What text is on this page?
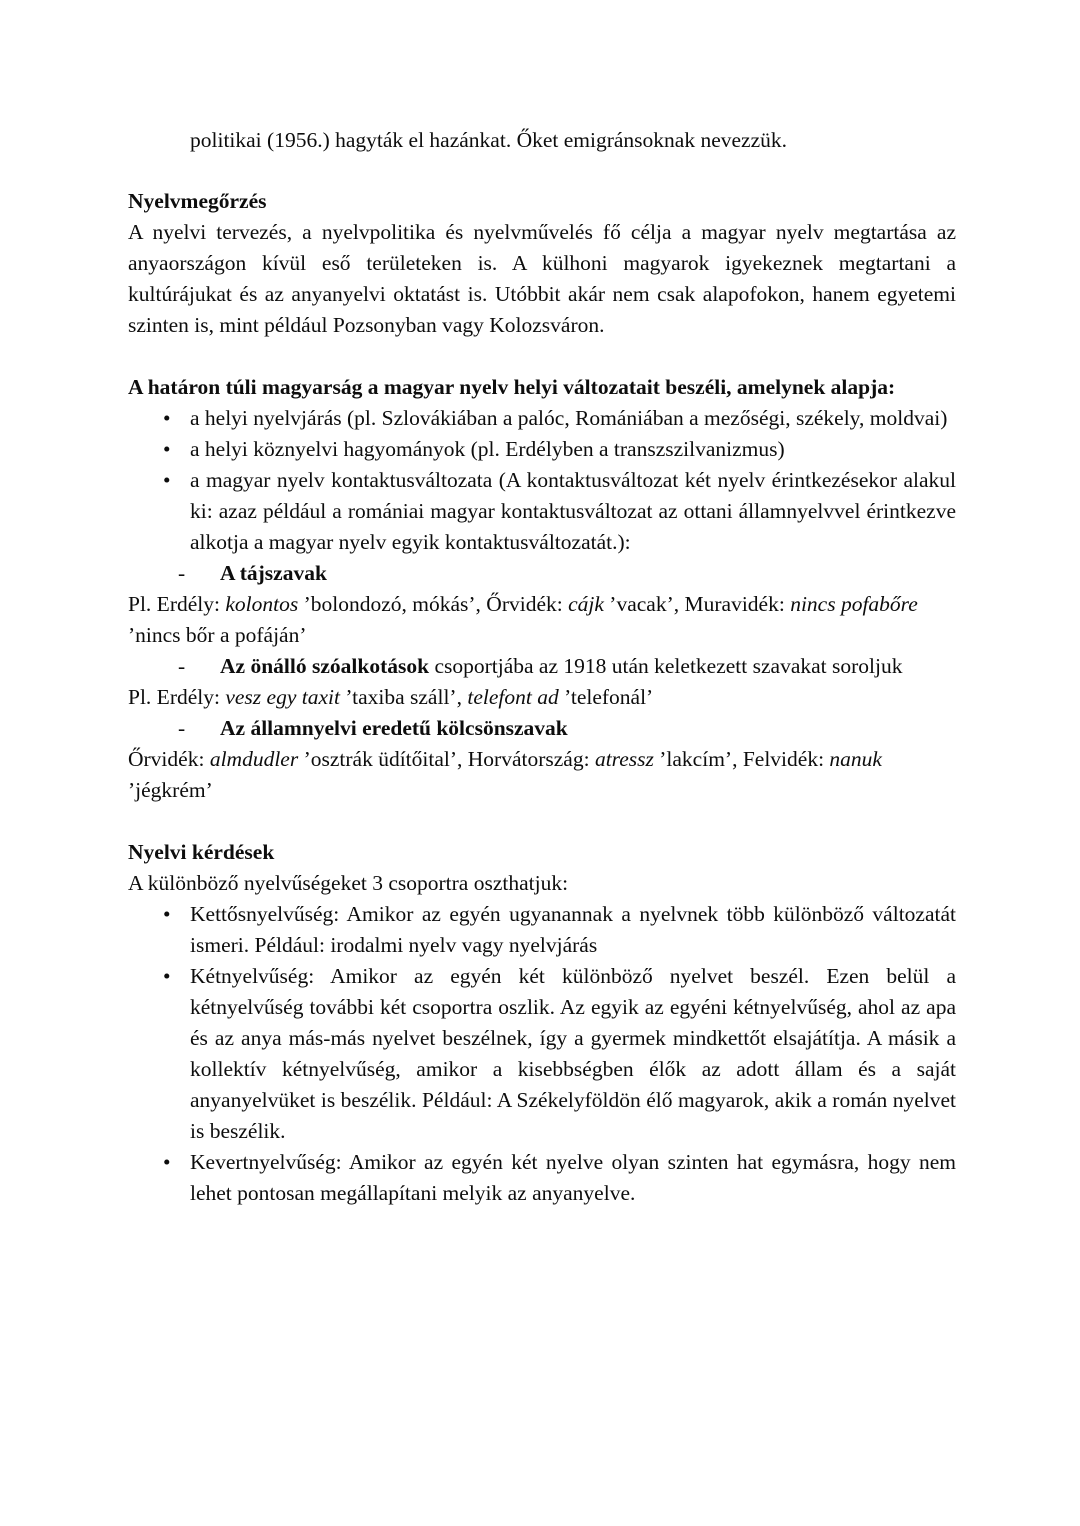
politikai (1956.) hagyták el hazánkat. Őket emigránsoknak nevezzük.

Nyelvmegőrzés

A nyelvi tervezés, a nyelvpolitika és nyelvművelés fő célja a magyar nyelv megtartása az anyaországon kívül eső területeken is. A külhoni magyarok igyekeznek megtartani a kultúrájukat és az anyanyelvi oktatást is. Utóbbit akár nem csak alapofokon, hanem egyetemi szinten is, mint például Pozsonyban vagy Kolozsváron.

A határon túli magyarság a magyar nyelv helyi változatait beszéli, amelynek alapja:

• a helyi nyelvjárás (pl. Szlovákiában a palóc, Romániában a mezőségi, székely, moldvai)
• a helyi köznyelvi hagyományok (pl. Erdélyben a transzszilvanizmus)
• a magyar nyelv kontaktusváltozata (A kontaktusváltozat két nyelv érintkezésekor alakul ki: azaz például a romániai magyar kontaktusváltozat az ottani államnyelvvel érintkezve alkotja a magyar nyelv egyik kontaktusváltozatát.):
-	A tájszavak
Pl. Erdély: kolontos ’bolondozó, mókás’, Őrvidék: cájk ’vacak’, Muravidék: nincs pofabőre ’nincs bőr a pofáján’
-	Az önálló szóalkotások csoportjába az 1918 után keletkezett szavakat soroljuk
Pl. Erdély: vesz egy taxit ’taxiba száll’, telefont ad ’telefonál’
-	Az államnyelvi eredetű kölcsönszavak
Őrvidék: almdudler ’osztrák üdítőital’, Horvátország: atressz ’lakcím’, Felvidék: nanuk ’jégkrém’

Nyelvi kérdések

A különböző nyelvűségeket 3 csoportra oszthatjuk:

• Kettősnyelvűség: Amikor az egyén ugyanannak a nyelvnek több különböző változatát ismeri. Például: irodalmi nyelv vagy nyelvjárás
• Kétnyelvűség: Amikor az egyén két különböző nyelvet beszél. Ezen belül a kétnyelvűség további két csoportra oszlik. Az egyik az egyéni kétnyelvűség, ahol az apa és az anya más-más nyelvet beszélnek, így a gyermek mindkettőt elsajátítja. A másik a kollektív kétnyelvűség, amikor a kisebbségben élők az adott állam és a saját anyanyelvüket is beszélik. Például: A Székelyföldön élő magyarok, akik a román nyelvet is beszélik.
• Kevertnyelvűség: Amikor az egyén két nyelve olyan szinten hat egymásra, hogy nem lehet pontosan megállapítani melyik az anyanyelve.
